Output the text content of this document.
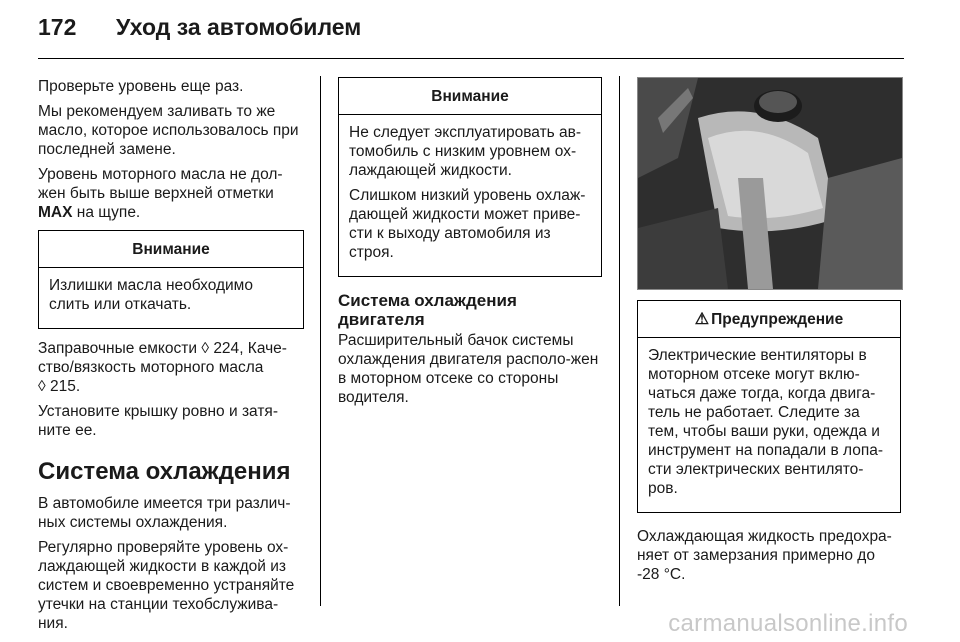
172 Уход за автомобилем

Проверьте уровень еще раз.

Мы рекомендуем заливать то же масло, которое использовалось при последней замене.

Уровень моторного масла не дол-жен быть выше верхней отметки MAX на щупе.

Внимание

Излишки масла необходимо слить или откачать.

Заправочные емкости ◊ 224, Каче-ство/вязкость моторного масла
◊ 215.

Установите крышку ровно и затя-ните ее.

Система охлаждения

В автомобиле имеется три различ-ных системы охлаждения.

Регулярно проверяйте уровень ох-лаждающей жидкости в каждой из систем и своевременно устраняйте утечки на станции техобслужива-ния.

Внимание

Не следует эксплуатировать ав-томобиль с низким уровнем ох-лаждающей жидкости.

Слишком низкий уровень охлаж-дающей жидкости может приве-сти к выходу автомобиля из строя.

Система охлаждения двигателя

Расширительный бачок системы охлаждения двигателя располо-жен в моторном отсеке со стороны водителя.

⚠ Предупреждение

Электрические вентиляторы в моторном отсеке могут вклю-чаться даже тогда, когда двига-тель не работает. Следите за тем, чтобы ваши руки, одежда и инструмент на попадали в лопа-сти электрических вентилято-ров.

Охлаждающая жидкость предохра-няет от замерзания примерно до -28 °C.

carmanualsonline.info
